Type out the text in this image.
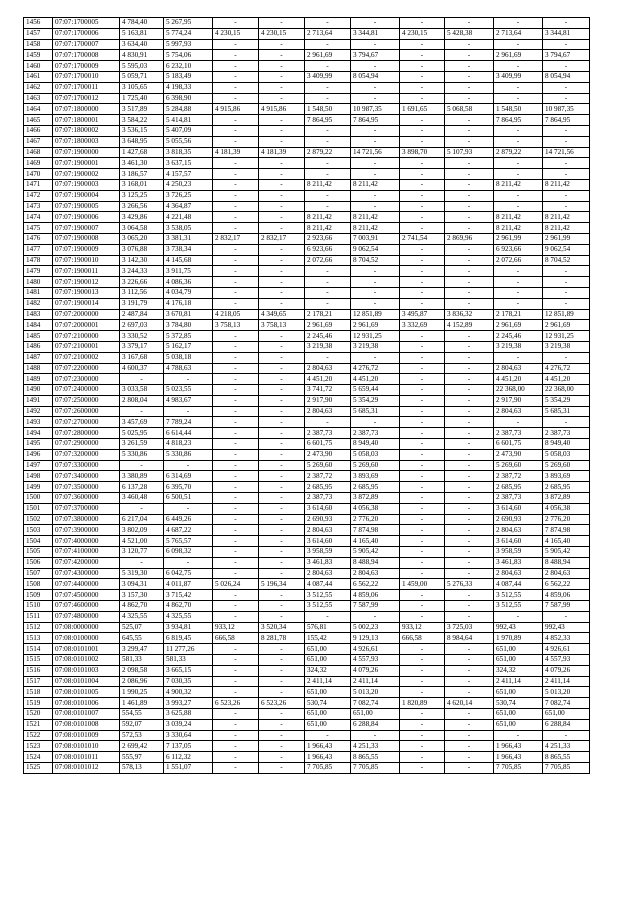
1456	07:07:1700005	4 784,40	5 267,95	-	-	-	-	-	-	-	-
1457	07:07:1700006	5 163,81	5 774,24	4 230,15	4 230,15	2 713,64	3 344,81	4 230,15	5 428,38	2 713,64	3 344,81
1458	07:07:1700007	3 634,40	5 997,93	-	-	-	-	-	-	-	-
1459	07:07:1700008	4 830,91	5 754,06	-	-	2 961,69	3 794,67	-	-	2 961,69	3 794,67
1460	07:07:1700009	5 595,03	6 232,10	-	-	-	-	-	-	-	-
1461	07:07:1700010	5 059,71	5 183,49	-	-	3 409,99	8 054,94	-	-	3 409,99	8 054,94
1462	07:07:1700011	3 105,65	4 198,33	-	-	-	-	-	-	-	-
1463	07:07:1700012	1 725,40	6 398,90	-	-	-	-	-	-	-	-
1464	07:07:1800000	3 517,89	5 284,88	4 915,86	4 915,86	1 548,50	10 987,35	1 691,65	5 068,58	1 548,50	10 987,35
1465	07:07:1800001	3 584,22	5 414,81	-	-	7 864,95	7 864,95	-	-	7 864,95	7 864,95
1466	07:07:1800002	3 536,15	5 407,09	-	-	-	-	-	-	-	-
1467	07:07:1800003	3 648,95	5 055,56	-	-	-	-	-	-	-	-
1468	07:07:1900000	1 427,68	3 818,35	4 181,39	4 181,39	2 879,22	14 721,56	3 898,70	5 107,93	2 879,22	14 721,56
1469	07:07:1900001	3 461,30	3 637,15	-	-	-	-	-	-	-	-
1470	07:07:1900002	3 186,57	4 157,57	-	-	-	-	-	-	-	-
1471	07:07:1900003	3 168,01	4 250,23	-	-	8 211,42	8 211,42	-	-	8 211,42	8 211,42
1472	07:07:1900004	3 125,25	3 726,25	-	-	-	-	-	-	-	-
1473	07:07:1900005	3 266,56	4 364,87	-	-	-	-	-	-	-	-
1474	07:07:1900006	3 429,86	4 221,48	-	-	8 211,42	8 211,42	-	-	8 211,42	8 211,42
1475	07:07:1900007	3 064,58	3 538,05	-	-	8 211,42	8 211,42	-	-	8 211,42	8 211,42
1476	07:07:1900008	3 065,20	3 381,31	2 832,17	2 832,17	2 923,66	7 003,91	2 741,54	2 869,96	2 961,99	2 961,99
1477	07:07:1900009	3 076,88	3 738,34	-	-	6 923,66	9 062,54	-	-	6 923,66	9 062,54
1478	07:07:1900010	3 142,30	4 145,68	-	-	2 072,66	8 704,52	-	-	2 072,66	8 704,52
1479	07:07:1900011	3 244,33	3 911,75	-	-	-	-	-	-	-	-
1480	07:07:1900012	3 226,66	4 086,36	-	-	-	-	-	-	-	-
1481	07:07:1900013	3 112,56	4 034,79	-	-	-	-	-	-	-	-
1482	07:07:1900014	3 191,79	4 176,18	-	-	-	-	-	-	-	-
1483	07:07:2000000	2 487,84	3 670,81	4 218,05	4 349,65	2 178,21	12 851,89	3 495,87	3 836,32	2 178,21	12 851,89
1484	07:07:2000001	2 697,03	3 784,80	3 758,13	3 758,13	2 961,69	2 961,69	3 332,69	4 152,89	2 961,69	2 961,69
1485	07:07:2100000	3 330,52	5 372,85	-	-	2 245,46	12 931,25	-	-	2 245,46	12 931,25
1486	07:07:2100001	3 379,17	5 162,17	-	-	3 219,38	3 219,38	-	-	3 219,38	3 219,38
1487	07:07:2100002	3 167,68	5 038,18	-	-	-	-	-	-	-	-
1488	07:07:2200000	4 600,37	4 788,63	-	-	2 804,63	4 276,72	-	-	2 804,63	4 276,72
1489	07:07:2300000	-	-	-	-	4 451,20	4 451,20	-	-	4 451,20	4 451,20
1490	07:07:2400000	3 033,58	5 023,55	-	-	3 741,72	5 659,44	-	-	22 368,00	22 368,00
1491	07:07:2500000	2 808,04	4 983,67	-	-	2 917,90	5 354,29	-	-	2 917,90	5 354,29
1492	07:07:2600000	-	-	-	-	2 804,63	5 685,31	-	-	2 804,63	5 685,31
1493	07:07:2700000	3 457,69	7 789,24	-	-	-	-	-	-	-	-
1494	07:07:2800000	5 025,95	6 614,44	-	-	2 387,73	2 387,73	-	-	2 387,73	2 387,73
1495	07:07:2900000	3 261,59	4 818,23	-	-	6 601,75	8 949,40	-	-	6 601,75	8 949,40
1496	07:07:3200000	5 330,86	5 330,86	-	-	2 473,90	5 058,03	-	-	2 473,90	5 058,03
1497	07:07:3300000	-	-	-	-	5 269,60	5 269,60	-	-	5 269,60	5 269,60
1498	07:07:3400000	3 380,89	6 314,69	-	-	2 387,72	3 893,69	-	-	2 387,72	3 893,69
1499	07:07:3500000	6 137,28	6 395,70	-	-	2 685,95	2 685,95	-	-	2 685,95	2 685,95
1500	07:07:3600000	3 460,48	6 500,51	-	-	2 387,73	3 872,89	-	-	2 387,73	3 872,89
1501	07:07:3700000	-	-	-	-	3 614,60	4 056,38	-	-	3 614,60	4 056,38
1502	07:07:3800000	6 217,04	6 449,26	-	-	2 690,93	2 776,20	-	-	2 690,93	2 776,20
1503	07:07:3900000	3 802,09	4 687,22	-	-	2 804,63	7 874,98	-	-	2 804,63	7 874,98
1504	07:07:4000000	4 521,00	5 765,57	-	-	3 614,60	4 165,40	-	-	3 614,60	4 165,40
1505	07:07:4100000	3 120,77	6 098,32	-	-	3 958,59	5 905,42	-	-	3 958,59	5 905,42
1506	07:07:4200000	-	-	-	-	3 461,83	8 488,94	-	-	3 461,83	8 488,94
1507	07:07:4300000	5 319,30	6 042,75	-	-	2 804,63	2 804,63	-	-	2 804,63	2 804,63
1508	07:07:4400000	3 094,31	4 011,87	5 026,24	5 196,34	4 087,44	6 562,22	1 459,00	5 276,33	4 087,44	6 562,22
1509	07:07:4500000	3 157,30	3 715,42	-	-	3 512,55	4 859,06	-	-	3 512,55	4 859,06
1510	07:07:4600000	4 862,70	4 862,70	-	-	3 512,55	7 587,99	-	-	3 512,55	7 587,99
1511	07:07:4800000	4 325,55	4 325,55	-	-	-	-	-	-	-	-
1512	07:08:0000000	525,07	3 934,81	933,12	3 520,34	576,81	5 002,23	933,12	3 725,03	992,43	992,43
1513	07:08:0100000	645,55	6 819,45	666,58	8 281,78	155,42	9 129,13	666,58	8 984,64	1 970,89	4 852,33
1514	07:08:0101001	3 299,47	11 277,26	-	-	651,00	4 926,61	-	-	651,00	4 926,61
1515	07:08:0101002	581,33	581,33	-	-	651,00	4 557,93	-	-	651,00	4 557,93
1516	07:08:0101003	2 098,58	3 665,15	-	-	324,32	4 079,26	-	-	324,32	4 079,26
1517	07:08:0101004	2 086,96	7 030,35	-	-	2 411,14	2 411,14	-	-	2 411,14	2 411,14
1518	07:08:0101005	1 990,25	4 900,32	-	-	651,00	5 013,20	-	-	651,00	5 013,20
1519	07:08:0101006	1 461,89	3 993,27	6 523,26	6 523,26	530,74	7 082,74	1 820,89	4 620,14	530,74	7 082,74
1520	07:08:0101007	554,55	3 625,88	-	-	651,00	651,00	-	-	651,00	651,00
1521	07:08:0101008	592,07	3 039,24	-	-	651,00	6 288,84	-	-	651,00	6 288,84
1522	07:08:0101009	572,53	3 330,64	-	-	-	-	-	-	-	-
1523	07:08:0101010	2 699,42	7 137,05	-	-	1 966,43	4 251,33	-	-	1 966,43	4 251,33
1524	07:08:0101011	555,97	6 112,32	-	-	1 966,43	8 865,55	-	-	1 966,43	8 865,55
1525	07:08:0101012	578,13	1 551,07	-	-	7 705,85	7 705,85	-	-	7 705,85	7 705,85
